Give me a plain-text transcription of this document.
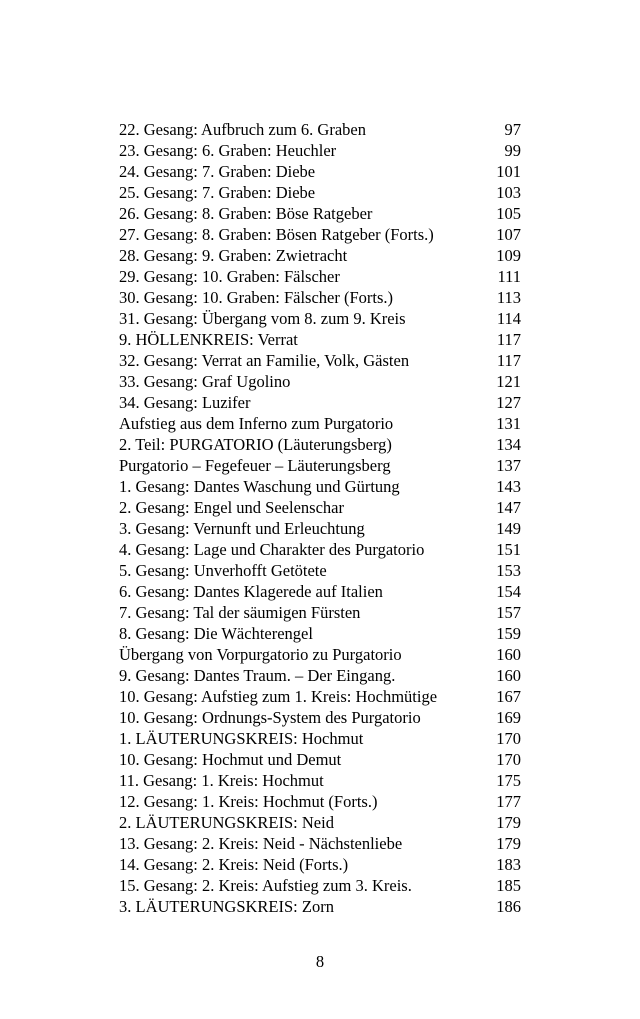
22. Gesang: Aufbruch zum 6. Graben	97
23. Gesang: 6. Graben: Heuchler	99
24. Gesang: 7. Graben: Diebe	101
25. Gesang: 7. Graben: Diebe	103
26. Gesang: 8. Graben: Böse Ratgeber	105
27. Gesang: 8. Graben: Bösen Ratgeber (Forts.)	107
28. Gesang: 9. Graben: Zwietracht	109
29. Gesang: 10. Graben: Fälscher	111
30. Gesang: 10. Graben: Fälscher (Forts.)	113
31. Gesang: Übergang vom 8. zum 9. Kreis	114
9. HÖLLENKREIS: Verrat	117
32. Gesang: Verrat an Familie, Volk, Gästen	117
33. Gesang: Graf Ugolino	121
34. Gesang: Luzifer	127
Aufstieg aus dem Inferno zum Purgatorio	131
2. Teil: PURGATORIO (Läuterungsberg)	134
Purgatorio – Fegefeuer – Läuterungsberg	137
1. Gesang: Dantes Waschung und Gürtung	143
2. Gesang: Engel und Seelenschar	147
3. Gesang: Vernunft und Erleuchtung	149
4. Gesang: Lage und Charakter des Purgatorio	151
5. Gesang: Unverhofft Getötete	153
6. Gesang: Dantes Klagerede auf Italien	154
7. Gesang: Tal der säumigen Fürsten	157
8. Gesang: Die Wächterengel	159
Übergang von Vorpurgatorio zu Purgatorio	160
9. Gesang: Dantes Traum. – Der Eingang.	160
10. Gesang: Aufstieg zum 1. Kreis: Hochmütige	167
10. Gesang: Ordnungs-System des Purgatorio	169
1. LÄUTERUNGSKREIS: Hochmut	170
10. Gesang: Hochmut und Demut	170
11. Gesang: 1. Kreis: Hochmut	175
12. Gesang: 1. Kreis: Hochmut (Forts.)	177
2. LÄUTERUNGSKREIS: Neid	179
13. Gesang: 2. Kreis: Neid - Nächstenliebe	179
14. Gesang: 2. Kreis: Neid (Forts.)	183
15. Gesang: 2. Kreis: Aufstieg zum 3. Kreis.	185
3. LÄUTERUNGSKREIS: Zorn	186
8
